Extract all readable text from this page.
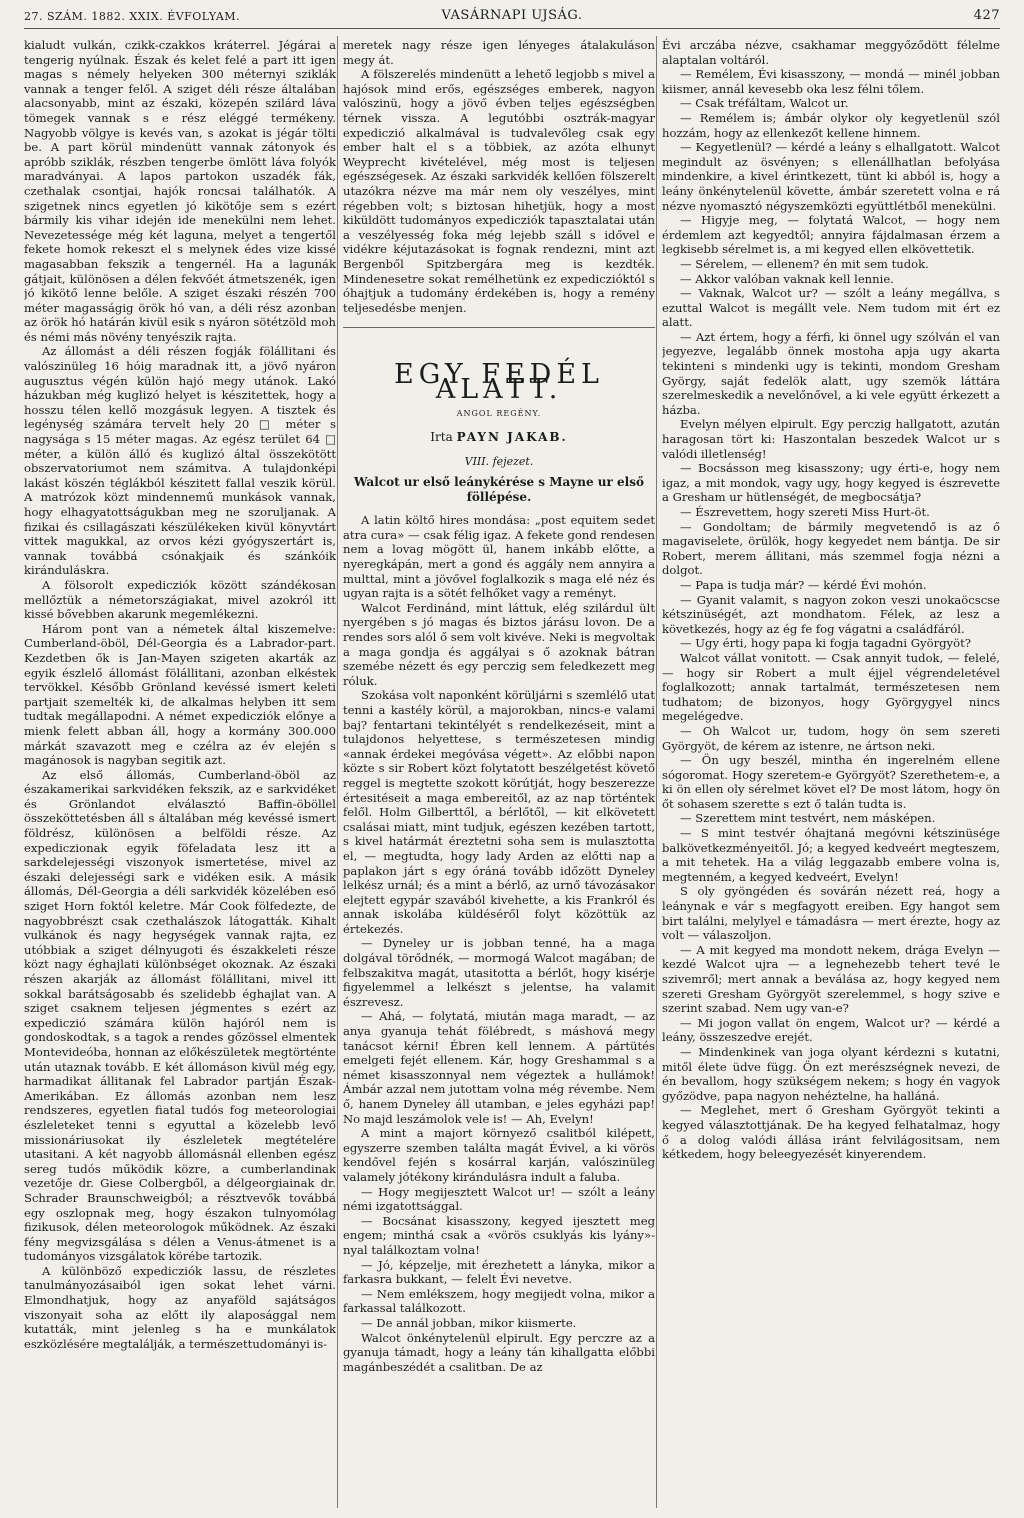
27. SZÁM. 1882. XXIX. ÉVFOLYAM.	VASÁRNAPI UJSÁG.	427

kialudt vulkán, czikk-czakkos kráterrel. Jégárai a tengerig nyúlnak. Észak és kelet felé a part itt igen magas s némely helyeken 300 méternyi sziklák vannak a tenger felől. A sziget déli része általában alacsonyabb, mint az északi, közepén szilárd láva tömegek vannak s e rész eléggé termékeny. Nagyobb völgye is kevés van, s azokat is jégár tölti be. A part körül mindenütt vannak zátonyok és apróbb sziklák, részben tengerbe ömlött láva folyók maradványai. A lapos partokon uszadék fák, czethalak csontjai, hajók roncsai találhatók. A szigetnek nincs egyetlen jó kikötője sem s ezért bármily kis vihar idején ide menekülni nem lehet. Nevezetessége még két laguna, melyet a tengertől fekete homok rekeszt el s melynek édes vize kissé magasabban fekszik a tengernél. Ha a lagunák gátjait, különösen a délen fekvőét átmetszenék, igen jó kikötő lenne belőle. A sziget északi részén 700 méter magasságig örök hó van, a déli rész azonban az örök hó határán kivül esik s nyáron sötétzöld moh és némi más növény tenyészik rajta.

Az állomást a déli részen fogják fölállitani és valószinüleg 16 hóig maradnak itt, a jövő nyáron augusztus végén külön hajó megy utánok. Lakó házukban még kuglizó helyet is készitettek, hogy a hosszu télen kellő mozgásuk legyen. A tisztek és legénység számára tervelt hely 20 □ méter s nagysága s 15 méter magas. Az egész terület 64 □ méter, a külön álló és kuglizó által összekötött obszervatoriumot nem számitva. A tulajdonképi lakást köszén téglákból készitett fallal veszik körül. A matrózok közt mindennemű munkások vannak, hogy elhagyatottságukban meg ne szoruljanak. A fizikai és csillagászati készülékeken kivül könyvtárt vittek magukkal, az orvos kézi gyógyszertárt is, vannak továbbá csónakjaik és szánkóik kiránduláskra.

A fölsorolt expedicziók között szándékosan mellőztük a németországiakat, mivel azokról itt kissé bővebben akarunk megemlékezni.

Három pont van a németek által kiszemelve: Cumberland-öböl, Dél-Georgia és a Labrador-part. Kezdetben ők is Jan-Mayen szigeten akarták az egyik észlelő állomást fölállitani, azonban elkéstek tervökkel. Később Grönland kevéssé ismert keleti partjait szemelték ki, de alkalmas helyben itt sem tudtak megállapodni. A német expedicziók előnye a mienk felett abban áll, hogy a kormány 300.000 márkát szavazott meg e czélra az év elején s magánosok is nagyban segitik azt.

Az első állomás, Cumberland-öböl az északamerikai sarkvidéken fekszik, az e sarkvidéket és Grönlandot elválasztó Baffin-öböllel összeköttetésben áll s általában még kevéssé ismert földrész, különösen a belföldi része. Az expediczionak egyik föfeladata lesz itt a sarkdelejességi viszonyok ismertetése, mivel az északi delejességi sark e vidéken esik. A másik állomás, Dél-Georgia a déli sarkvidék közelében eső sziget Horn foktól keletre. Már Cook fölfedezte, de nagyobbrészt csak czethalászok látogatták. Kihalt vulkánok és nagy hegységek vannak rajta, ez utóbbiak a sziget délnyugoti és északkeleti része közt nagy éghajlati különbséget okoznak. Az északi részen akarják az állomást fölállitani, mivel itt sokkal barátságosabb és szelidebb éghajlat van. A sziget csaknem teljesen jégmentes s ezért az expediczió számára külön hajóról nem is gondoskodtak, s a tagok a rendes gőzössel elmentek Montevideóba, honnan az előkészületek megtörténte után utaznak tovább. E két állomáson kivül még egy, harmadikat állitanak fel Labrador partján Észak-Amerikában. Ez állomás azonban nem lesz rendszeres, egyetlen fiatal tudós fog meteorologiai észleleteket tenni s egyuttal a közelebb levő missionáriusokat ily észleletek megtételére utasitani. A két nagyobb állomásnál ellenben egész sereg tudós működik közre, a cumberlandinak vezetője dr. Giese Colbergből, a délgeorgiainak dr. Schrader Braunschweigból; a résztvevők továbbá egy oszlopnak meg, hogy északon tulnyomólag fizikusok, délen meteorologok működnek. Az északi fény megvizsgálása s délen a Venus-átmenet is a tudományos vizsgálatok körébe tartozik.

A különböző expedicziók lassu, de részletes tanulmányozásaiból igen sokat lehet várni. Elmondhatjuk, hogy az anyaföld sajátságos viszonyait soha az előtt ily alaposággal nem kutatták, mint jelenleg s ha e munkálatok eszközlésére megtalálják, a természettudományi is-

meretek nagy része igen lényeges átalakuláson megy át.

A fölszerelés mindenütt a lehető legjobb s mivel a hajósok mind erős, egészséges emberek, nagyon valószinü, hogy a jövő évben teljes egészségben térnek vissza. A legutóbbi osztrák-magyar expediczió alkalmával is tudvalevőleg csak egy ember halt el s a többiek, az azóta elhunyt Weyprecht kivételével, még most is teljesen egészségesek. Az északi sarkvidék kellően fölszerelt utazókra nézve ma már nem oly veszélyes, mint régebben volt; s biztosan hihetjük, hogy a most kiküldött tudományos expedicziók tapasztalatai után a veszélyesség foka még lejebb száll s idővel e vidékre kéjutazásokat is fognak rendezni, mint azt Bergenből Spitzbergára meg is kezdték. Mindenesetre sokat remélhetünk ez expediczióktól s óhajtjuk a tudomány érdekében is, hogy a remény teljesedésbe menjen.

EGY FEDÉL ALATT.
ANGOL REGÉNY.
Irta PAYN JAKAB.
VIII. fejezet.
Walcot ur első leánykérése s Mayne ur első föllépése.

A latin költő hires mondása: „post equitem sedet atra cura» — csak félig igaz. A fekete gond rendesen nem a lovag mögött ül, hanem inkább előtte, a nyeregkápán, mert a gond és aggály nem annyira a multtal, mint a jövővel foglalkozik s maga elé néz és ugyan rajta is a sötét felhőket vagy a reményt.

Walcot Ferdinánd, mint láttuk, elég szilárdul ült nyergében s jó magas és biztos járásu lovon. De a rendes sors alól ő sem volt kivéve. Neki is megvoltak a maga gondja és aggályai s ő azoknak bátran szemébe nézett és egy perczig sem feledkezett meg róluk.

Szokása volt naponként körüljárni s szemlélő utat tenni a kastély körül, a majorokban, nincs-e valami baj? fentartani tekintélyét s rendelkezéseit, mint a tulajdonos helyettese, s természetesen mindig «annak érdekei megóvása végett». Az előbbi napon közte s sir Robert közt folytatott beszélgetést követő reggel is megtette szokott körútját, hogy beszerezze értesitéseit a maga embereitől, az az nap történtek felől. Holm Gilberttől, a bérlőtől, — kit elkövetett csalásai miatt, mint tudjuk, egészen kezében tartott, s kivel határmát éreztetni soha sem is mulasztotta el, — megtudta, hogy lady Arden az előtti nap a paplakon járt s egy óráná tovább időzött Dyneley lelkész urnál; és a mint a bérlő, az urnő távozásakor elejtett egypár szavából kivehette, a kis Frankról és annak iskolába küldéséről folyt közöttük az értekezés.

— Dyneley ur is jobban tenné, ha a maga dolgával törődnék, — mormogá Walcot magában; de felbszakitva magát, utasitotta a bérlőt, hogy kisérje figyelemmel a lelkészt s jelentse, ha valamit észrevesz.

— Ahá, — folytatá, miután maga maradt, — az anya gyanuja tehát fölébredt, s máshová megy tanácsot kérni! Ébren kell lennem. A pártütés emelgeti fejét ellenem. Kár, hogy Greshammal s a német kisasszonnyal nem végeztek a hullámok! Ámbár azzal nem jutottam volna még révembe. Nem ő, hanem Dyneley áll utamban, e jeles egyházi pap! No majd leszámolok vele is! — Ah, Evelyn!

A mint a majort környező csalitból kilépett, egyszerre szemben találta magát Évivel, a ki vörös kendővel fején s kosárral karján, valószinüleg valamely jótékony kirándulásra indult a faluba.

— Hogy megijesztett Walcot ur! — szólt a leány némi izgatottsággal.

— Bocsánat kisasszony, kegyed ijesztett meg engem; minthá csak a «vörös csuklyás kis lyány»-nyal találkoztam volna!

— Jó, képzelje, mit érezhetett a lányka, mikor a farkasra bukkant, — felelt Évi nevetve.

— Nem emlékszem, hogy megijedt volna, mikor a farkassal találkozott.

— De annál jobban, mikor kiismerte.

Walcot önkénytelenül elpirult. Egy perczre az a gyanuja támadt, hogy a leány tán kihallgatta előbbi magánbeszédét a csalitban. De az

Évi arczába nézve, csakhamar meggyőződött félelme alaptalan voltáról.

— Remélem, Évi kisasszony, — mondá — minél jobban kiismer, annál kevesebb oka lesz félni tőlem.

— Csak tréfáltam, Walcot ur.

— Remélem is; ámbár olykor oly kegyetlenül szól hozzám, hogy az ellenkezőt kellene hinnem.

— Kegyetlenül? — kérdé a leány s elhallgatott. Walcot megindult az ösvényen; s ellenállhatlan befolyása mindenkire, a kivel érintkezett, tünt ki abból is, hogy a leány önkénytelenül követte, ámbár szeretett volna e rá nézve nyomasztó négyszemközti együttlétből menekülni.

— Higyje meg, — folytatá Walcot, — hogy nem érdemlem azt kegyedtől; annyira fájdalmasan érzem a legkisebb sérelmet is, a mi kegyed ellen elkövettetik.

— Sérelem, — ellenem? én mit sem tudok.

— Akkor valóban vaknak kell lennie.

— Vaknak, Walcot ur? — szólt a leány megállva, s ezuttal Walcot is megállt vele. Nem tudom mit ért ez alatt.

— Azt értem, hogy a férfi, ki önnel ugy szólván el van jegyezve, legalább önnek mostoha apja ugy akarta tekinteni s mindenki ugy is tekinti, mondom Gresham György, saját fedelök alatt, ugy szemök láttára szerelmeskedik a nevelőnővel, a ki vele együtt érkezett a házba.

Evelyn mélyen elpirult. Egy perczig hallgatott, azután haragosan tört ki: Haszontalan beszedek Walcot ur s valódi illetlenség!

— Bocsásson meg kisasszony; ugy érti-e, hogy nem igaz, a mit mondok, vagy ugy, hogy kegyed is észrevette a Gresham ur hütlenségét, de megbocsátja?

— Észrevettem, hogy szereti Miss Hurt-öt.

— Gondoltam; de bármily megvetendő is az ő magaviselete, örülök, hogy kegyedet nem bántja. De sir Robert, merem állitani, más szemmel fogja nézni a dolgot.

— Papa is tudja már? — kérdé Évi mohón.

— Gyanit valamit, s nagyon zokon veszi unokaöcscse kétszinüségét, azt mondhatom. Félek, az lesz a következés, hogy az ég fe fog vágatni a családfáról.

— Ugy érti, hogy papa ki fogja tagadni Györgyöt?

Walcot vállat vonitott. — Csak annyit tudok, — felelé, — hogy sir Robert a mult éjjel végrendeletével foglalkozott; annak tartalmát, természetesen nem tudhatom; de bizonyos, hogy Györgygyel nincs megelégedve.

— Oh Walcot ur, tudom, hogy ön sem szereti Györgyöt, de kérem az istenre, ne ártson neki.

— Ön ugy beszél, mintha én ingerelném ellene sógoromat. Hogy szeretem-e Györgyöt? Szerethetem-e, a ki ön ellen oly sérelmet követ el? De most látom, hogy ön őt sohasem szerette s ezt ő talán tudta is.

— Szerettem mint testvért, nem másképen.

— S mint testvér óhajtaná megóvni kétszinüsége balkövetkezményeitől. Jó; a kegyed kedveért megteszem, a mit tehetek. Ha a világ leggazabb embere volna is, megtenném, a kegyed kedveért, Evelyn!

S oly gyöngéden és sovárán nézett reá, hogy a leánynak e vár s megfagyott ereiben. Egy hangot sem birt találni, melylyel e támadásra — mert érezte, hogy az volt — válaszoljon.

— A mit kegyed ma mondott nekem, drága Evelyn — kezdé Walcot ujra — a legnehezebb tehert tevé le szivemről; mert annak a beválása az, hogy kegyed nem szereti Gresham Györgyöt szerelemmel, s hogy szive e szerint szabad. Nem ugy van-e?

— Mi jogon vallat ön engem, Walcot ur? — kérdé a leány, összeszedve erejét.

— Mindenkinek van joga olyant kérdezni s kutatni, mitől élete üdve függ. Ön ezt merészségnek nevezi, de én bevallom, hogy szükségem nekem; s hogy én vagyok győzödve, papa nagyon nehéztelne, ha halláná.

— Meglehet, mert ő Gresham Györgyöt tekinti a kegyed választottjának. De ha kegyed felhatalmaz, hogy ő a dolog valódi állása iránt felvilágositsam, nem kétkedem, hogy beleegyezését kinyerendem.
